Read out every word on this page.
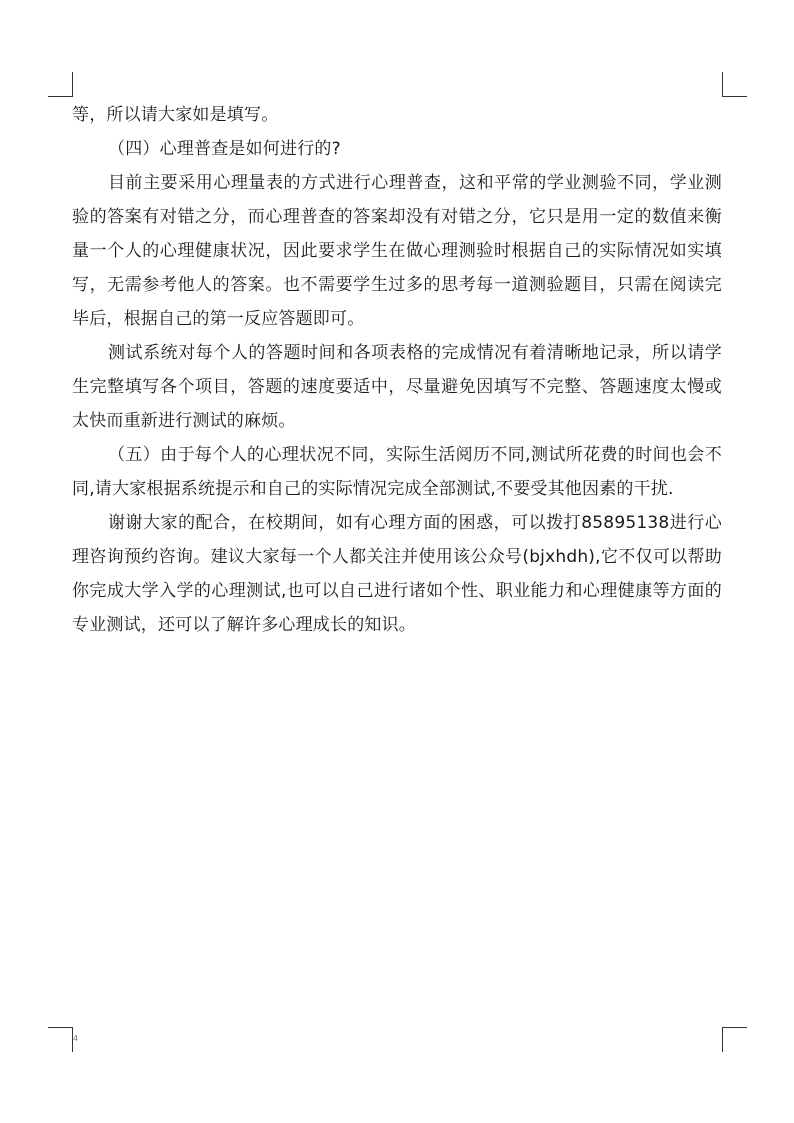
等，所以请大家如是填写。

（四）心理普查是如何进行的?

目前主要采用心理量表的方式进行心理普查，这和平常的学业测验不同，学业测验的答案有对错之分，而心理普查的答案却没有对错之分，它只是用一定的数值来衡量一个人的心理健康状况，因此要求学生在做心理测验时根据自己的实际情况如实填写，无需参考他人的答案。也不需要学生过多的思考每一道测验题目，只需在阅读完毕后，根据自己的第一反应答题即可。

测试系统对每个人的答题时间和各项表格的完成情况有着清晰地记录，所以请学生完整填写各个项目，答题的速度要适中，尽量避免因填写不完整、答题速度太慢或太快而重新进行测试的麻烦。

（五）由于每个人的心理状况不同，实际生活阅历不同,测试所花费的时间也会不同,请大家根据系统提示和自己的实际情况完成全部测试,不要受其他因素的干扰.

谢谢大家的配合，在校期间，如有心理方面的困惑，可以拨打85895138进行心理咨询预约咨询。建议大家每一个人都关注并使用该公众号(bjxhdh),它不仅可以帮助你完成大学入学的心理测试,也可以自己进行诸如个性、职业能力和心理健康等方面的专业测试，还可以了解许多心理成长的知识。

4
